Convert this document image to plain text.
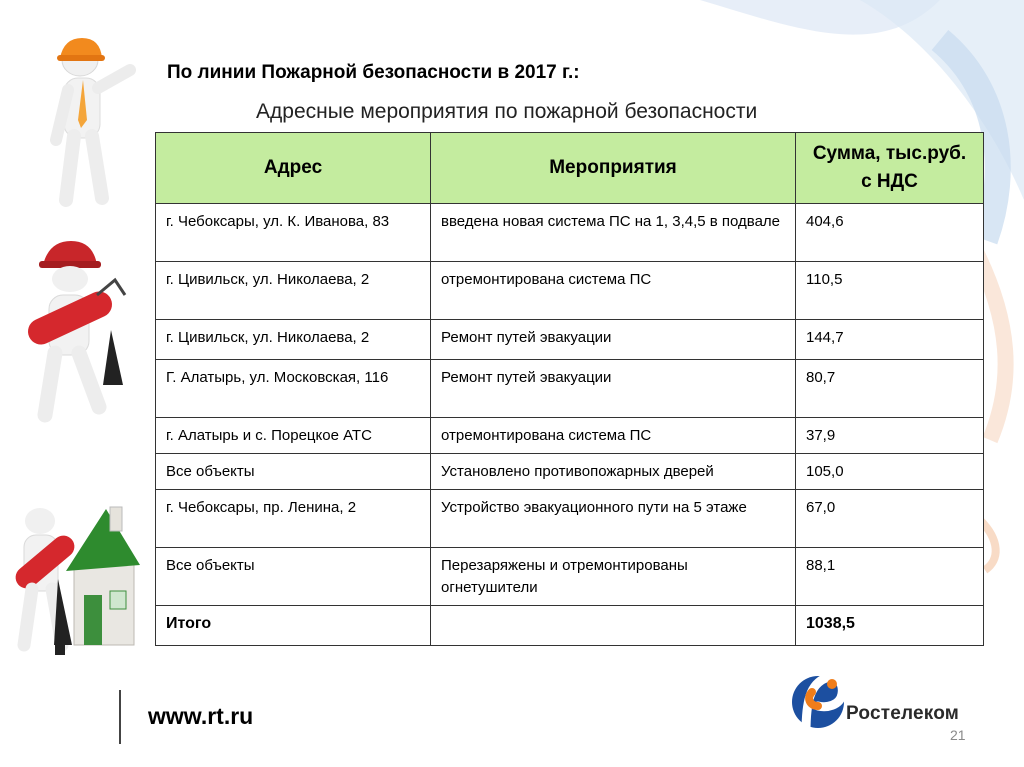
По линии Пожарной безопасности в 2017 г.:
Адресные мероприятия по пожарной безопасности
Адрес	Мероприятия	Сумма, тыс.руб. с НДС
г. Чебоксары, ул. К. Иванова, 83	введена новая система ПС на 1, 3,4,5 в подвале	404,6
г. Цивильск, ул. Николаева, 2	отремонтирована система ПС	110,5
г. Цивильск, ул. Николаева, 2	Ремонт путей эвакуации	144,7
Г. Алатырь, ул. Московская, 116	Ремонт путей эвакуации	80,7
г. Алатырь и с. Порецкое АТС	отремонтирована система ПС	37,9
Все объекты	Установлено противопожарных дверей	105,0
г. Чебоксары, пр. Ленина, 2	Устройство эвакуационного пути на 5 этаже	67,0
Все объекты	Перезаряжены и отремонтированы огнетушители	88,1
Итого		1038,5
www.rt.ru	Ростелеком
21
